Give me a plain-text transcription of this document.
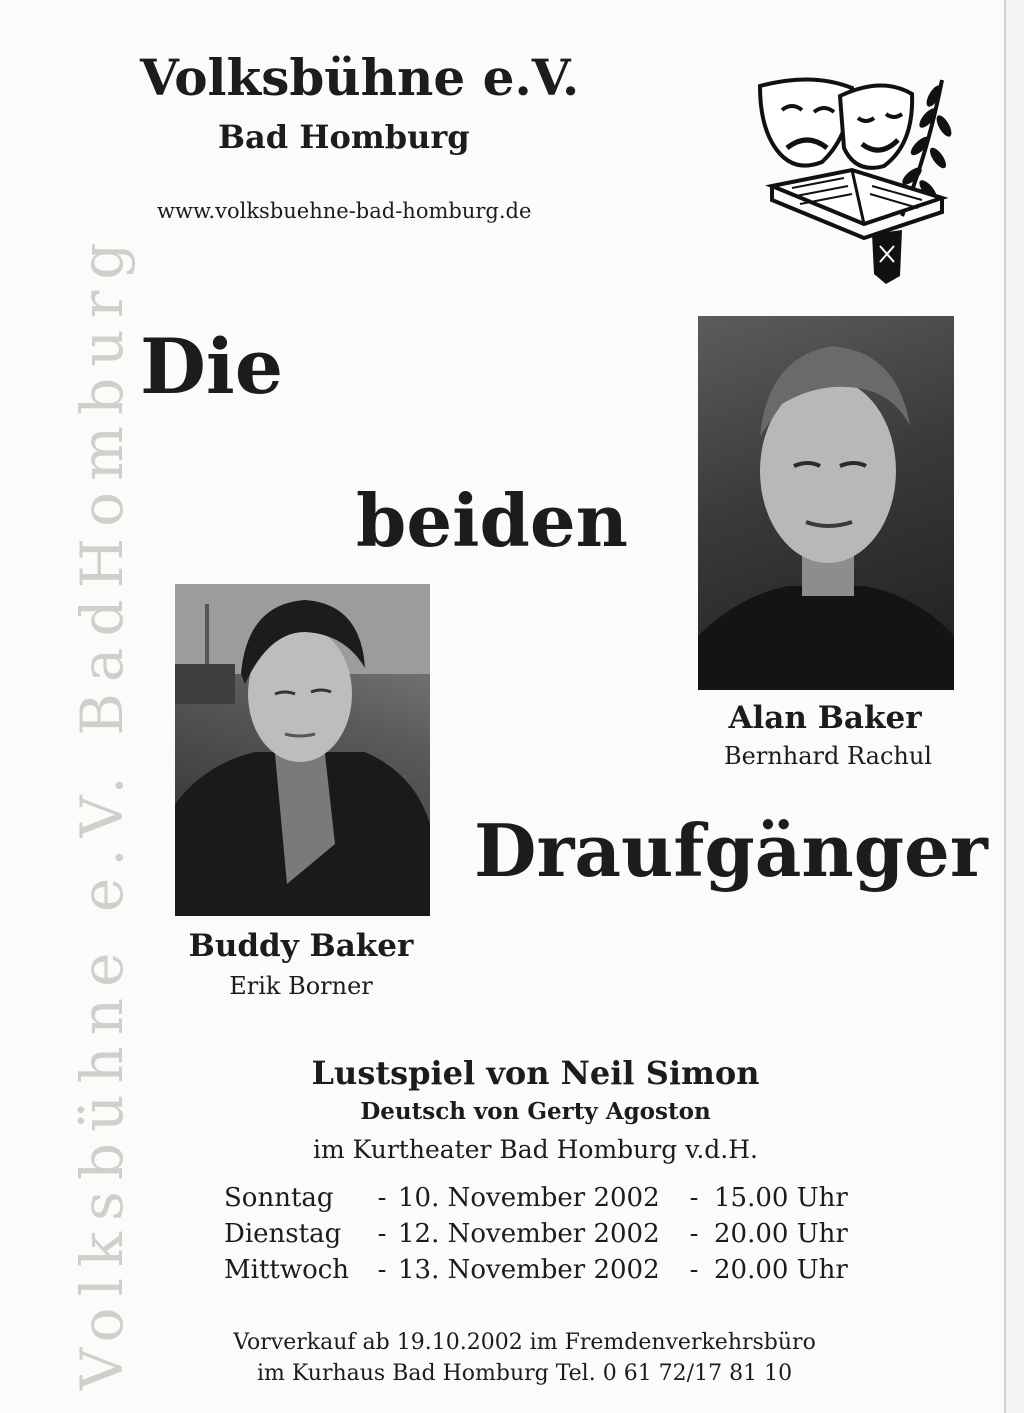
Volksbühne e.V. BadHomburg
Volksbühne e.V.
Bad Homburg
www.volksbuehne-bad-homburg.de
Die
beiden
Draufgänger
Alan Baker
Bernhard Rachul
Buddy Baker
Erik Borner
Lustspiel von Neil Simon
Deutsch von Gerty Agoston
im Kurtheater Bad Homburg v.d.H.
Sonntag	-	10. November 2002	-	15.00 Uhr
Dienstag	-	12. November 2002	-	20.00 Uhr
Mittwoch	-	13. November 2002	-	20.00 Uhr
Vorverkauf ab 19.10.2002 im Fremdenverkehrsbüro
im Kurhaus Bad Homburg Tel. 0 61 72/17 81 10
